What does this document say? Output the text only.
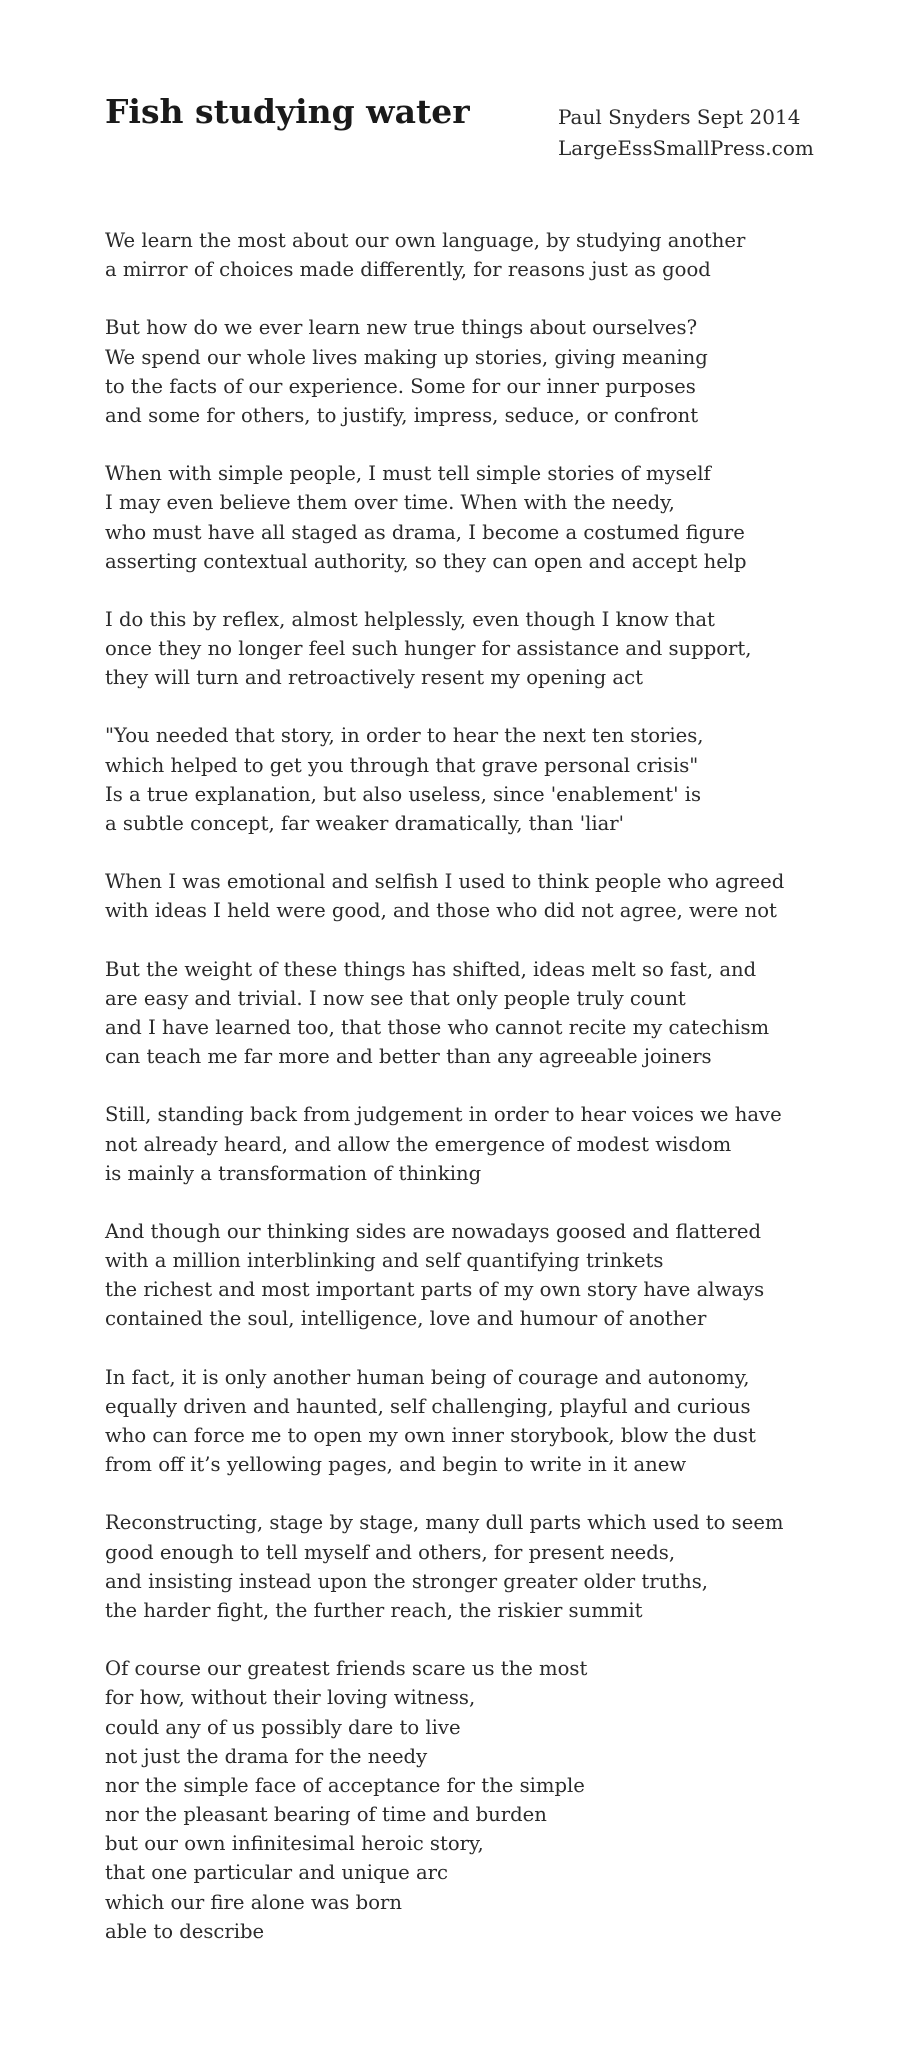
Fish studying water	Paul Snyders Sept 2014
LargeEssSmallPress.com
We learn the most about our own language, by studying another
a mirror of choices made differently, for reasons just as good
But how do we ever learn new true things about ourselves?
We spend our whole lives making up stories, giving meaning
to the facts of our experience. Some for our inner purposes
and some for others, to justify, impress, seduce, or confront
When with simple people, I must tell simple stories of myself
I may even believe them over time. When with the needy,
who must have all staged as drama, I become a costumed figure
asserting contextual authority, so they can open and accept help
I do this by reflex, almost helplessly, even though I know that
once they no longer feel such hunger for assistance and support,
they will turn and retroactively resent my opening act
"You needed that story, in order to hear the next ten stories,
which helped to get you through that grave personal crisis"
Is a true explanation, but also useless, since 'enablement' is
a subtle concept, far weaker dramatically, than 'liar'
When I was emotional and selfish I used to think people who agreed
with ideas I held were good, and those who did not agree, were not
But the weight of these things has shifted, ideas melt so fast, and
are easy and trivial. I now see that only people truly count
and I have learned too, that those who cannot recite my catechism
can teach me far more and better than any agreeable joiners
Still, standing back from judgement in order to hear voices we have
not already heard, and allow the emergence of modest wisdom
is mainly a transformation of thinking
And though our thinking sides are nowadays goosed and flattered
with a million interblinking and self quantifying trinkets
the richest and most important parts of my own story have always
contained the soul, intelligence, love and humour of another
In fact, it is only another human being of courage and autonomy,
equally driven and haunted, self challenging, playful and curious
who can force me to open my own inner storybook, blow the dust
from off it’s yellowing pages, and begin to write in it anew
Reconstructing, stage by stage, many dull parts which used to seem
good enough to tell myself and others, for present needs,
and insisting instead upon the stronger greater older truths,
the harder fight, the further reach, the riskier summit
Of course our greatest friends scare us the most
for how, without their loving witness,
could any of us possibly dare to live
not just the drama for the needy
nor the simple face of acceptance for the simple
nor the pleasant bearing of time and burden
but our own infinitesimal heroic story,
that one particular and unique arc
which our fire alone was born
able to describe
